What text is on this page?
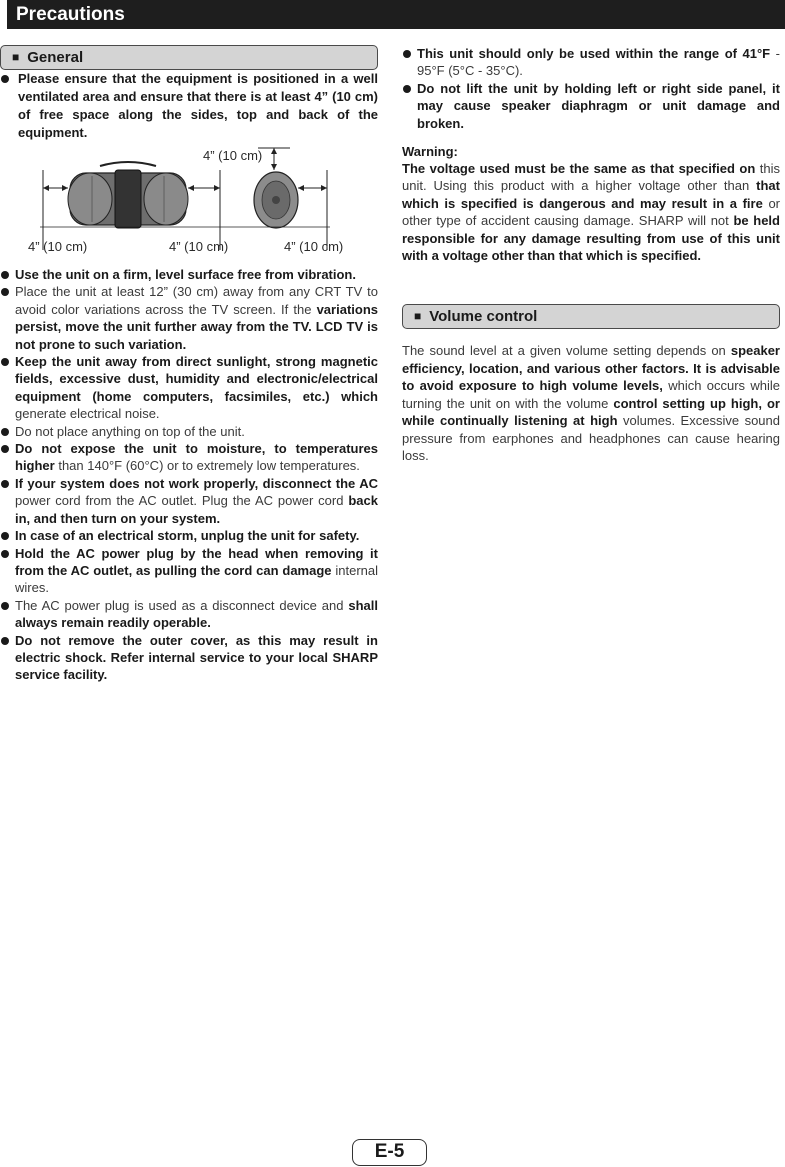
Precautions
■ General
Please ensure that the equipment is positioned in a well ventilated area and ensure that there is at least 4” (10 cm) of free space along the sides, top and back of the equipment.
4” (10 cm)
4” (10 cm)	4” (10 cm)	4” (10 cm)
Use the unit on a firm, level surface free from vibration.
Place the unit at least 12” (30 cm) away from any CRT TV to avoid color variations across the TV screen. If the variations persist, move the unit further away from the TV. LCD TV is not prone to such variation.
Keep the unit away from direct sunlight, strong magnetic fields, excessive dust, humidity and electronic/electrical equipment (home computers, facsimiles, etc.) which generate electrical noise.
Do not place anything on top of the unit.
Do not expose the unit to moisture, to temperatures higher than 140°F (60°C) or to extremely low temperatures.
If your system does not work properly, disconnect the AC power cord from the AC outlet. Plug the AC power cord back in, and then turn on your system.
In case of an electrical storm, unplug the unit for safety.
Hold the AC power plug by the head when removing it from the AC outlet, as pulling the cord can damage internal wires.
The AC power plug is used as a disconnect device and shall always remain readily operable.
Do not remove the outer cover, as this may result in electric shock. Refer internal service to your local SHARP service facility.
This unit should only be used within the range of 41°F - 95°F (5°C - 35°C).
Do not lift the unit by holding left or right side panel, it may cause speaker diaphragm or unit damage and broken.
Warning:
The voltage used must be the same as that specified on this unit. Using this product with a higher voltage other than that which is specified is dangerous and may result in a fire or other type of accident causing damage. SHARP will not be held responsible for any damage resulting from use of this unit with a voltage other than that which is specified.
■ Volume control
The sound level at a given volume setting depends on speaker efficiency, location, and various other factors. It is advisable to avoid exposure to high volume levels, which occurs while turning the unit on with the volume control setting up high, or while continually listening at high volumes. Excessive sound pressure from earphones and headphones can cause hearing loss.
E-5
